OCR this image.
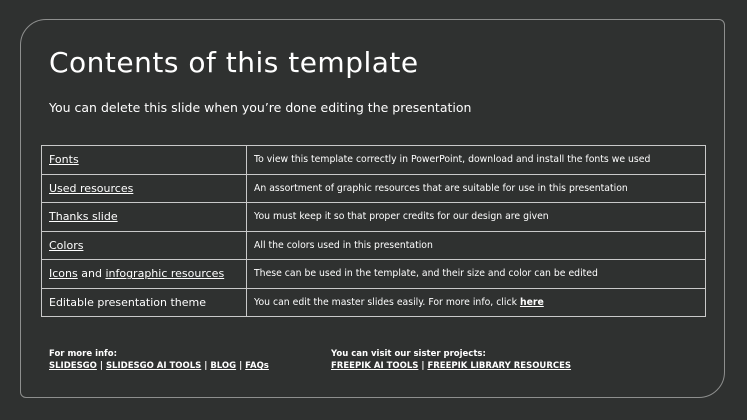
Contents of this template

You can delete this slide when you’re done editing the presentation

Fonts	To view this template correctly in PowerPoint, download and install the fonts we used
Used resources	An assortment of graphic resources that are suitable for use in this presentation
Thanks slide	You must keep it so that proper credits for our design are given
Colors	All the colors used in this presentation
Icons and infographic resources	These can be used in the template, and their size and color can be edited
Editable presentation theme	You can edit the master slides easily. For more info, click here
For more info:
SLIDESGO | SLIDESGO AI TOOLS | BLOG | FAQs
You can visit our sister projects:
FREEPIK AI TOOLS | FREEPIK LIBRARY RESOURCES
